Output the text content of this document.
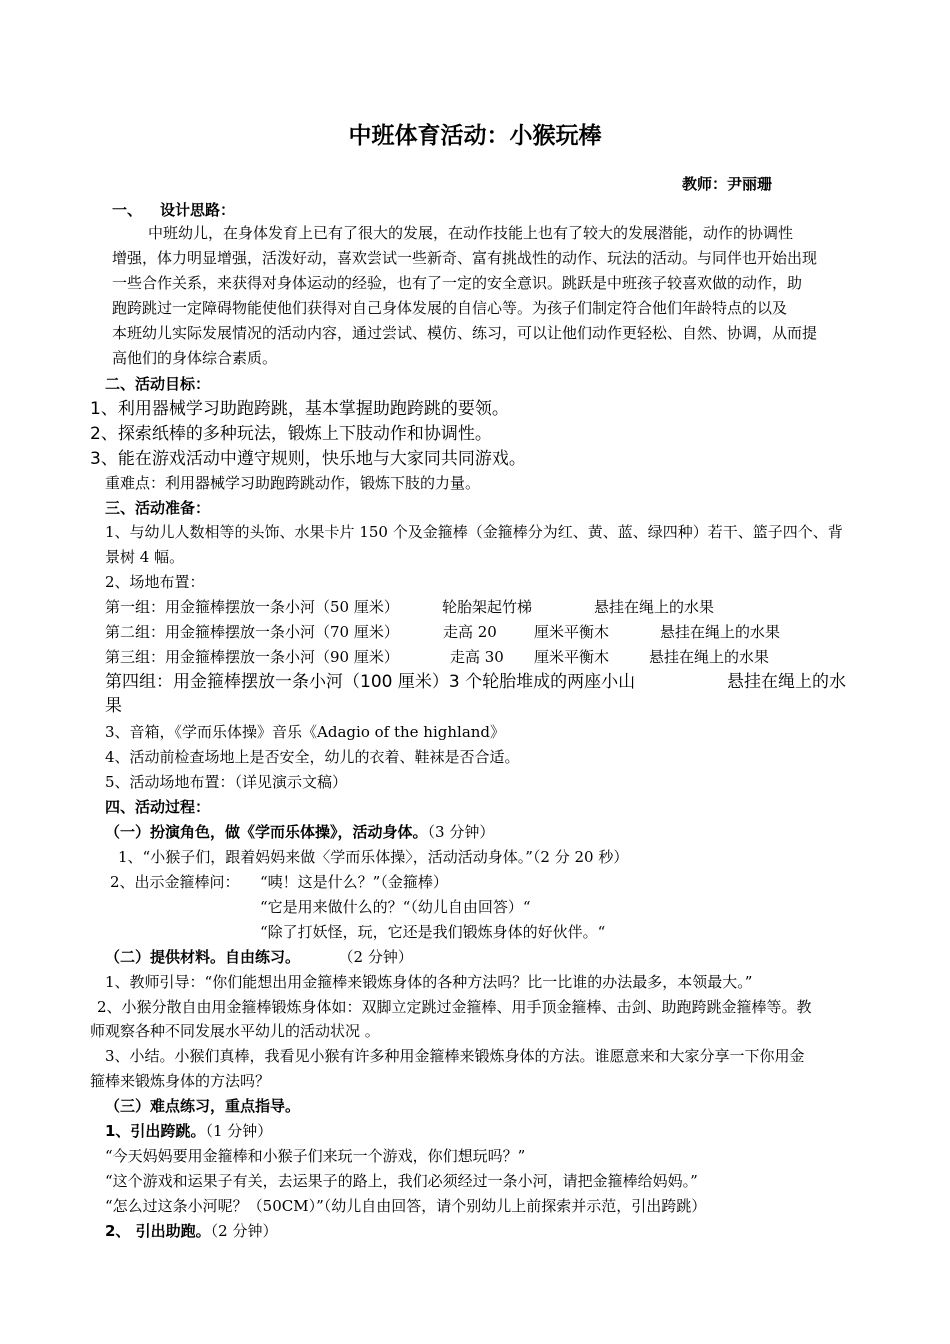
中班体育活动：小猴玩棒
教师：尹丽珊
一、 设计思路：
中班幼儿，在身体发育上已有了很大的发展，在动作技能上也有了较大的发展潜能，动作的协调性
增强，体力明显增强，活泼好动，喜欢尝试一些新奇、富有挑战性的动作、玩法的活动。与同伴也开始出现
一些合作关系，来获得对身体运动的经验，也有了一定的安全意识。跳跃是中班孩子较喜欢做的动作，助
跑跨跳过一定障碍物能使他们获得对自己身体发展的自信心等。为孩子们制定符合他们年龄特点的以及
本班幼儿实际发展情况的活动内容，通过尝试、模仿、练习，可以让他们动作更轻松、自然、协调，从而提
高他们的身体综合素质。
二、活动目标：
1、利用器械学习助跑跨跳，基本掌握助跑跨跳的要领。
2、探索纸棒的多种玩法，锻炼上下肢动作和协调性。
3、能在游戏活动中遵守规则，快乐地与大家同共同游戏。
重难点：利用器械学习助跑跨跳动作，锻炼下肢的力量。
三、活动准备：
1、与幼儿人数相等的头饰、水果卡片 150 个及金箍棒（金箍棒分为红、黄、蓝、绿四种）若干、篮子四个、背
景树 4 幅。
2、场地布置：
第一组：用金箍棒摆放一条小河（50 厘米）	轮胎架起竹梯	悬挂在绳上的水果
第二组：用金箍棒摆放一条小河（70 厘米）	走高 20 厘米平衡木	悬挂在绳上的水果
第三组：用金箍棒摆放一条小河（90 厘米）	走高 30 厘米平衡木	悬挂在绳上的水果
第四组：用金箍棒摆放一条小河（100 厘米）3 个轮胎堆成的两座小山	悬挂在绳上的水
果
3、音箱，《学而乐体操》音乐《Adagio of the highland》
4、活动前检查场地上是否安全，幼儿的衣着、鞋袜是否合适。
5、活动场地布置：（详见演示文稿）
四、活动过程：
（一）扮演角色，做《学而乐体操》，活动身体。（3 分钟）
1、“小猴子们，跟着妈妈来做〈学而乐体操〉，活动活动身体。”（2 分 20 秒）
2、出示金箍棒问： “咦！这是什么？”（金箍棒）
“它是用来做什么的？“（幼儿自由回答）“
“除了打妖怪，玩，它还是我们锻炼身体的好伙伴。“
（二）提供材料。自由练习。	（2 分钟）
1、教师引导：“你们能想出用金箍棒来锻炼身体的各种方法吗？比一比谁的办法最多，本领最大。”
2、小猴分散自由用金箍棒锻炼身体如：双脚立定跳过金箍棒、用手顶金箍棒、击剑、助跑跨跳金箍棒等。教
师观察各种不同发展水平幼儿的活动状况 。
3、小结。小猴们真棒，我看见小猴有许多种用金箍棒来锻炼身体的方法。谁愿意来和大家分享一下你用金
箍棒来锻炼身体的方法吗？
（三）难点练习，重点指导。
1、引出跨跳。（1 分钟）
“今天妈妈要用金箍棒和小猴子们来玩一个游戏，你们想玩吗？”
“这个游戏和运果子有关，去运果子的路上，我们必须经过一条小河，请把金箍棒给妈妈。”
“怎么过这条小河呢？（50CM）”（幼儿自由回答，请个别幼儿上前探索并示范，引出跨跳）
2、 引出助跑。（2 分钟）
